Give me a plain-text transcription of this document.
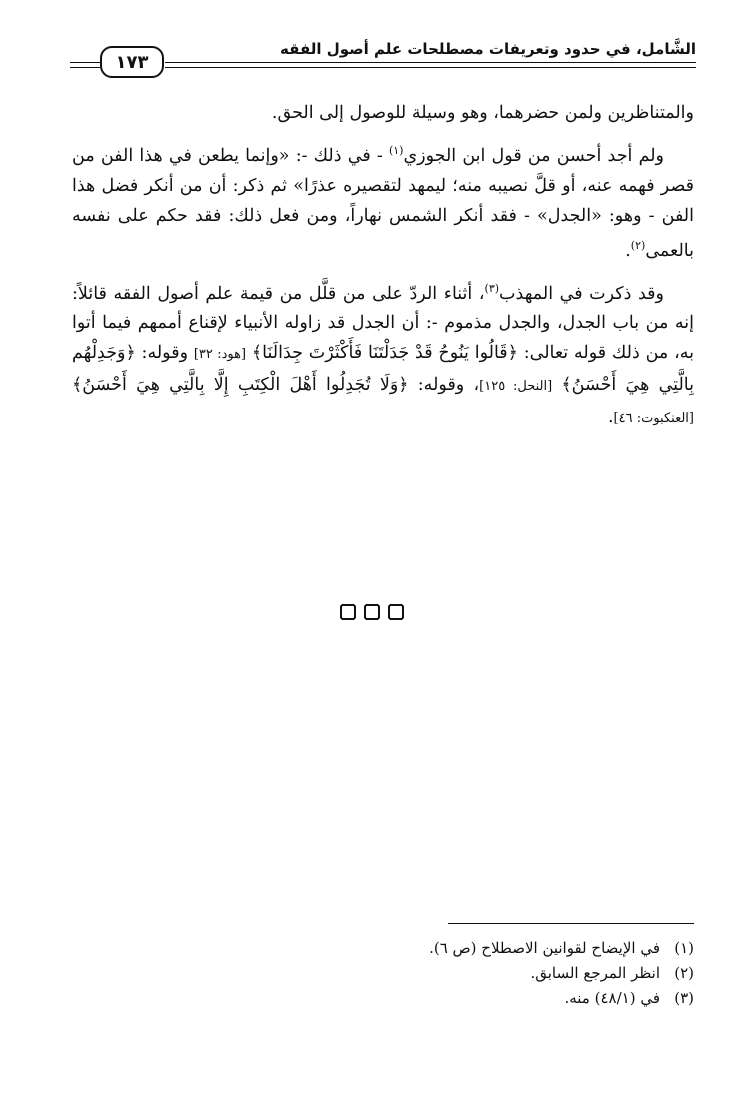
الشَّامل، في حدود وتعريفات مصطلحات علم أصول الفقه
١٧٣

والمتناظرين ولمن حضرهما، وهو وسيلة للوصول إلى الحق.

ولم أجد أحسن من قول ابن الجوزي$^{(١)}$ - في ذلك -: «وإنما يطعن في هذا الفن من قصر فهمه عنه، أو قلَّ نصيبه منه؛ ليمهد لتقصيره عذرًا» ثم ذكر: أن من أنكر فضل هذا الفن - وهو: «الجدل» - فقد أنكر الشمس نهاراً، ومن فعل ذلك: فقد حكم على نفسه بالعمى$^{(٢)}$.

وقد ذكرت في المهذب$^{(٣)}$، أثناء الردّ على من قلَّل من قيمة علم أصول الفقه قائلاً: إنه من باب الجدل، والجدل مذموم -: أن الجدل قد زاوله الأنبياء لإقناع أممهم فيما أتوا به، من ذلك قوله تعالى: ﴿قَالُوا يَنُوحُ قَدْ جَدَلْتَنَا فَأَكْثَرْتَ جِدَالَنَا﴾ [هود: ٣٢] وقوله: ﴿وَجَدِلْهُم بِالَّتِي هِيَ أَحْسَنُ﴾ [النحل: ١٢٥]، وقوله: ﴿وَلَا تُجَدِلُوا أَهْلَ الْكِتَبِ إِلَّا بِالَّتِي هِيَ أَحْسَنُ﴾ [العنكبوت: ٤٦].

(١)في الإيضاح لقوانين الاصطلاح (ص ٦).
(٢)انظر المرجع السابق.
(٣)في (٤٨/١) منه.
